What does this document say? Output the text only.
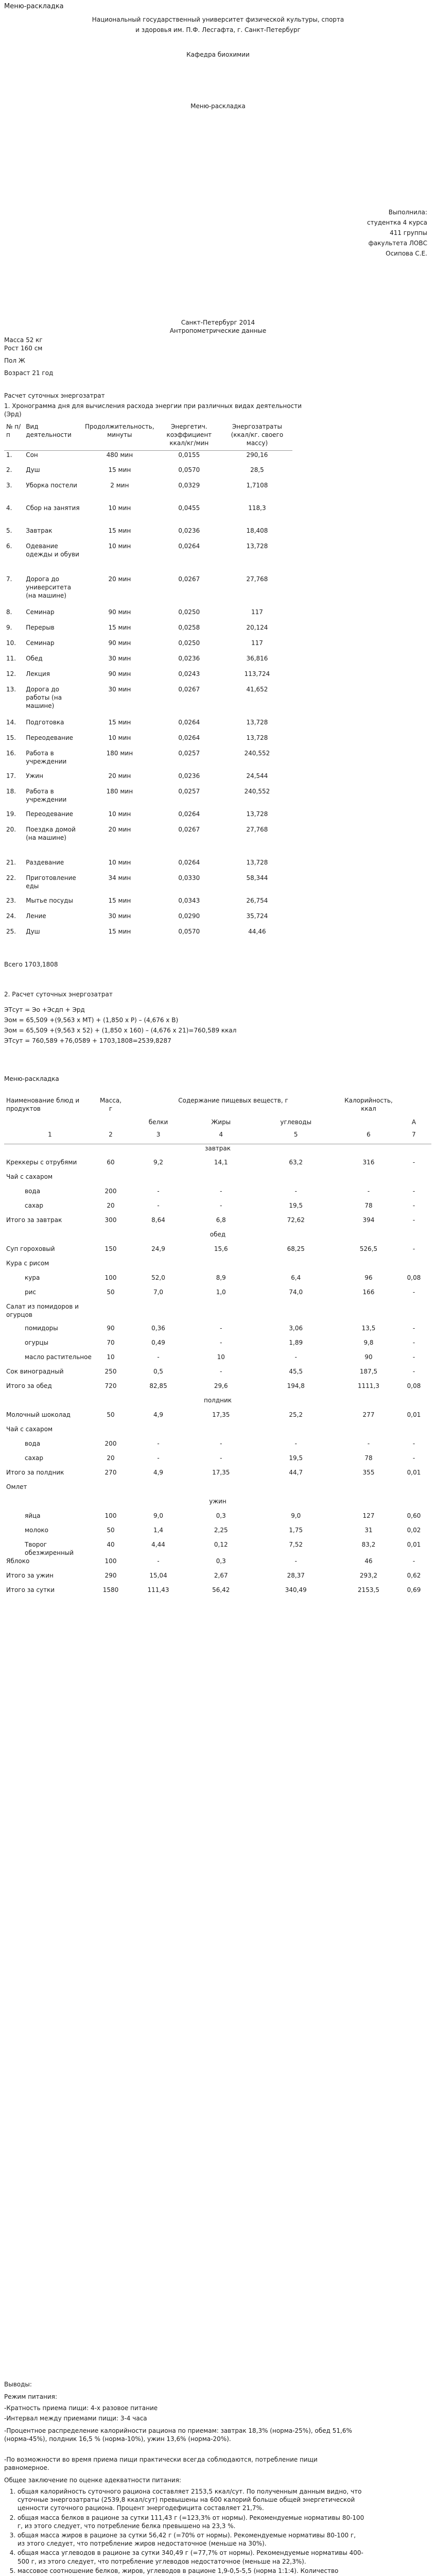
Меню-раскладка
Национальный государственный университет физической культуры, спорта
и здоровья им. П.Ф. Лесгафта, г. Санкт-Петербург
Кафедра биохимии
Меню-раскладка
Выполнила:
студентка 4 курса
411 группы
факультета ЛОВС
Осипова С.Е.
Санкт-Петербург 2014
Антропометрические данные
Масса 52 кг
Рост 160 см
Пол Ж
Возраст 21 год
Расчет суточных энергозатрат
1. Хронограмма дня для вычисления расхода энергии при различных видах деятельности (Эрд)
№ п/п	Вид деятельности	Продолжительность, минуты	Энергетич. коэффициент ккал/кг/мин	Энергозатраты (ккал/кг. своего массу)
1.	Сон	480 мин	0,0155	290,16
2.	Душ	15 мин	0,0570	28,5
3.	Уборка постели	2 мин	0,0329	1,7108
4.	Сбор на занятия	10 мин	0,0455	118,3
5.	Завтрак	15 мин	0,0236	18,408
6.	Одевание одежды и обуви	10 мин	0,0264	13,728
7.	Дорога до университета (на машине)	20 мин	0,0267	27,768
8.	Семинар	90 мин	0,0250	117
9.	Перерыв	15 мин	0,0258	20,124
10.	Семинар	90 мин	0,0250	117
11.	Обед	30 мин	0,0236	36,816
12.	Лекция	90 мин	0,0243	113,724
13.	Дорога до работы (на машине)	30 мин	0,0267	41,652
14.	Подготовка	15 мин	0,0264	13,728
15.	Переодевание	10 мин	0,0264	13,728
16.	Работа в учреждении	180 мин	0,0257	240,552
17.	Ужин	20 мин	0,0236	24,544
18.	Работа в учреждении	180 мин	0,0257	240,552
19.	Переодевание	10 мин	0,0264	13,728
20.	Поездка домой (на машине)	20 мин	0,0267	27,768
21.	Раздевание	10 мин	0,0264	13,728
22.	Приготовление еды	34 мин	0,0330	58,344
23.	Мытье посуды	15 мин	0,0343	26,754
24.	Лениe	30 мин	0,0290	35,724
25.	Душ	15 мин	0,0570	44,46
Всего 1703,1808
2. Расчет суточных энергозатрат
ЭТсут = Эо +Эсдп + Эрд
Эом = 65,509 +(9,563 х МТ) + (1,850 х Р) – (4,676 х В)
Эом = 65,509 +(9,563 х 52) + (1,850 х 160) – (4,676 х 21)=760,589 ккал
ЭТсут = 760,589 +76,0589 + 1703,1808=2539,8287
Меню-раскладка
Наименование блюд и продуктов	Масса, г	Содержание пищевых веществ, г			Калорийность, ккал	
		белки	Жиры	углеводы		А
1	2	3	4	5	6	7
завтрак						
Креккеры с отрубями	60	9,2	14,1	63,2	316	-
Чай с сахаром						
вода	200	-	-	-	-	-
сахар	20	-	-	19,5	78	-
Итого за завтрак	300	8,64	6,8	72,62	394	-
обед						
Суп гороховый	150	24,9	15,6	68,25	526,5	-
Кура с рисом						
кура	100	52,0	8,9	6,4	96	0,08
рис	50	7,0	1,0	74,0	166	-
Салат из помидоров и огурцов						
помидоры	90	0,36	-	3,06	13,5	-
огурцы	70	0,49	-	1,89	9,8	-
масло растительное	10	-	10	-	90	-
Сок виноградный	250	0,5	-	45,5	187,5	-
Итого за обед	720	82,85	29,6	194,8	1111,3	0,08
полдник						
Молочный шоколад	50	4,9	17,35	25,2	277	0,01
Чай с сахаром						
вода	200	-	-	-	-	-
сахар	20	-	-	19,5	78	-
Итого за полдник	270	4,9	17,35	44,7	355	0,01
Омлет						
ужин						
яйца	100	9,0	0,3	9,0	127	0,60
молоко	50	1,4	2,25	1,75	31	0,02
Творог обезжиренный	40	4,44	0,12	7,52	83,2	0,01
Яблоко	100	-	0,3	-	46	-
Итого за ужин	290	15,04	2,67	28,37	293,2	0,62
Итого за сутки	1580	111,43	56,42	340,49	2153,5	0,69
Выводы:
Режим питания:
-Кратность приема пищи: 4-х разовое питание
-Интервал между приемами пищи: 3-4 часа
-Процентное распределение калорийности рациона по приемам: завтрак 18,3% (норма-25%), обед 51,6% (норма-45%), полдник 16,5 % (норма-10%), ужин 13,6% (норма-20%).
-По возможности во время приема пищи практически всегда соблюдаются, потребление пищи равномерное.
Общее заключение по оценке адекватности питания:
1. общая калорийность суточного рациона составляет 2153,5 ккал/сут. По полученным данным видно, что суточные энергозатраты (2539,8 ккал/сут) превышены на 600 калорий больше общей энергетической ценности суточного рациона. Процент энергодефицита составляет 21,7%.
2. общая масса белков в рационе за сутки 111,43 г (=123,3% от нормы). Рекомендуемые нормативы 80-100 г, из этого следует, что потребление белка превышено на 23,3 %.
3. общая масса жиров в рационе за сутки 56,42 г (=70% от нормы). Рекомендуемые нормативы 80-100 г, из этого следует, что потребление жиров недостаточное (меньше на 30%).
4. общая масса углеводов в рационе за сутки 340,49 г (=77,7% от нормы). Рекомендуемые нормативы 400-500 г, из этого следует, что потребление углеводов недостаточное (меньше на 22,3%).
5. массовое соотношение белков, жиров, углеводов в рационе 1,9-0,5-5,5 (норма 1:1:4). Количество
